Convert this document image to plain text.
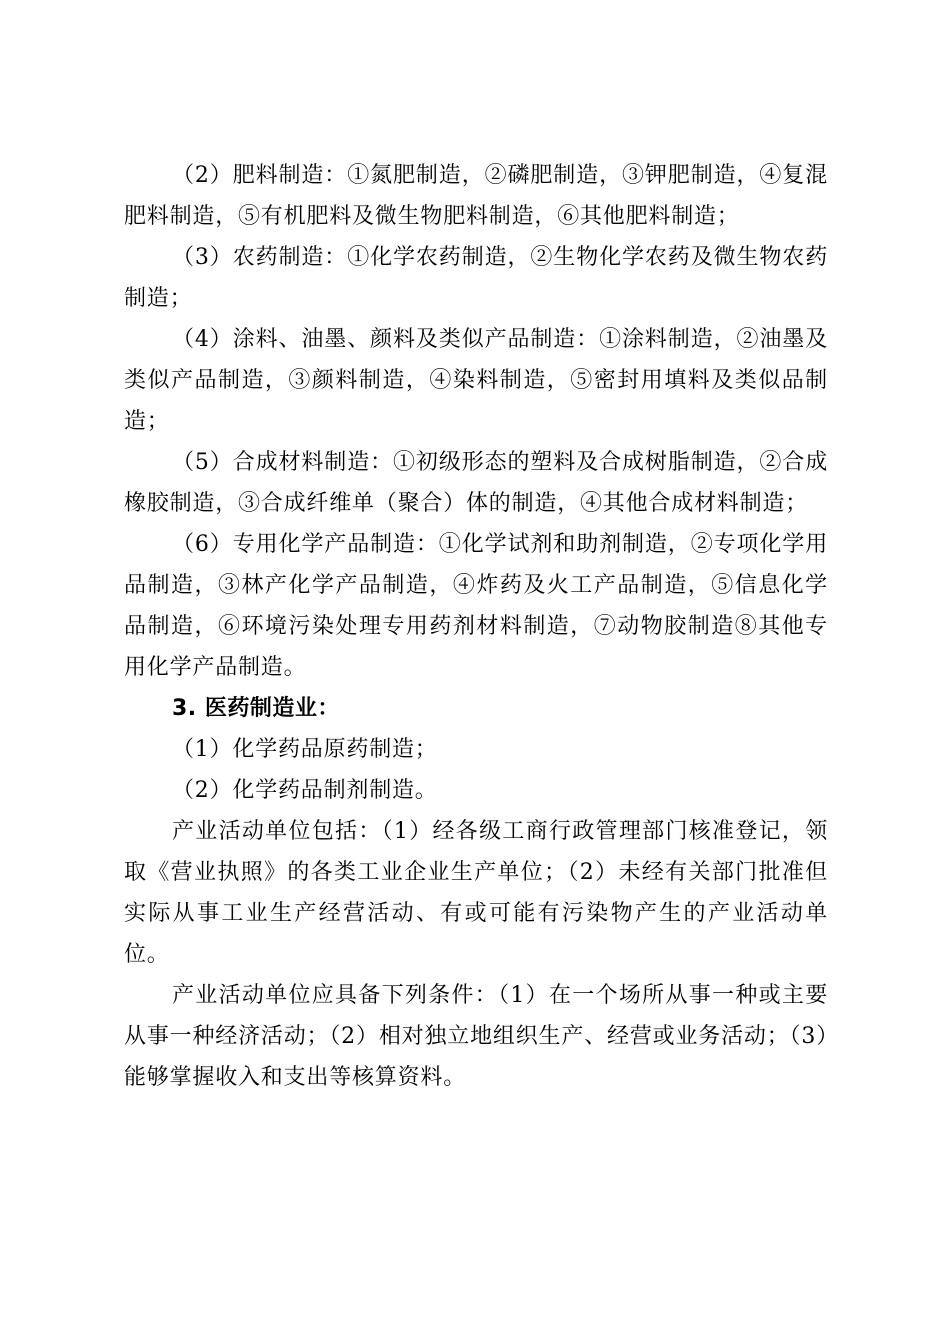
（2）肥料制造：①氮肥制造，②磷肥制造，③钾肥制造，④复混肥料制造，⑤有机肥料及微生物肥料制造，⑥其他肥料制造；

（3）农药制造：①化学农药制造，②生物化学农药及微生物农药制造；

（4）涂料、油墨、颜料及类似产品制造：①涂料制造，②油墨及类似产品制造，③颜料制造，④染料制造，⑤密封用填料及类似品制造；

（5）合成材料制造：①初级形态的塑料及合成树脂制造，②合成橡胶制造，③合成纤维单（聚合）体的制造，④其他合成材料制造；

（6）专用化学产品制造：①化学试剂和助剂制造，②专项化学用品制造，③林产化学产品制造，④炸药及火工产品制造，⑤信息化学品制造，⑥环境污染处理专用药剂材料制造，⑦动物胶制造⑧其他专用化学产品制造。

3. 医药制造业：

（1）化学药品原药制造；

（2）化学药品制剂制造。

产业活动单位包括：（1）经各级工商行政管理部门核准登记，领取《营业执照》的各类工业企业生产单位；（2）未经有关部门批准但实际从事工业生产经营活动、有或可能有污染物产生的产业活动单位。

产业活动单位应具备下列条件：（1）在一个场所从事一种或主要从事一种经济活动；（2）相对独立地组织生产、经营或业务活动；（3）能够掌握收入和支出等核算资料。
